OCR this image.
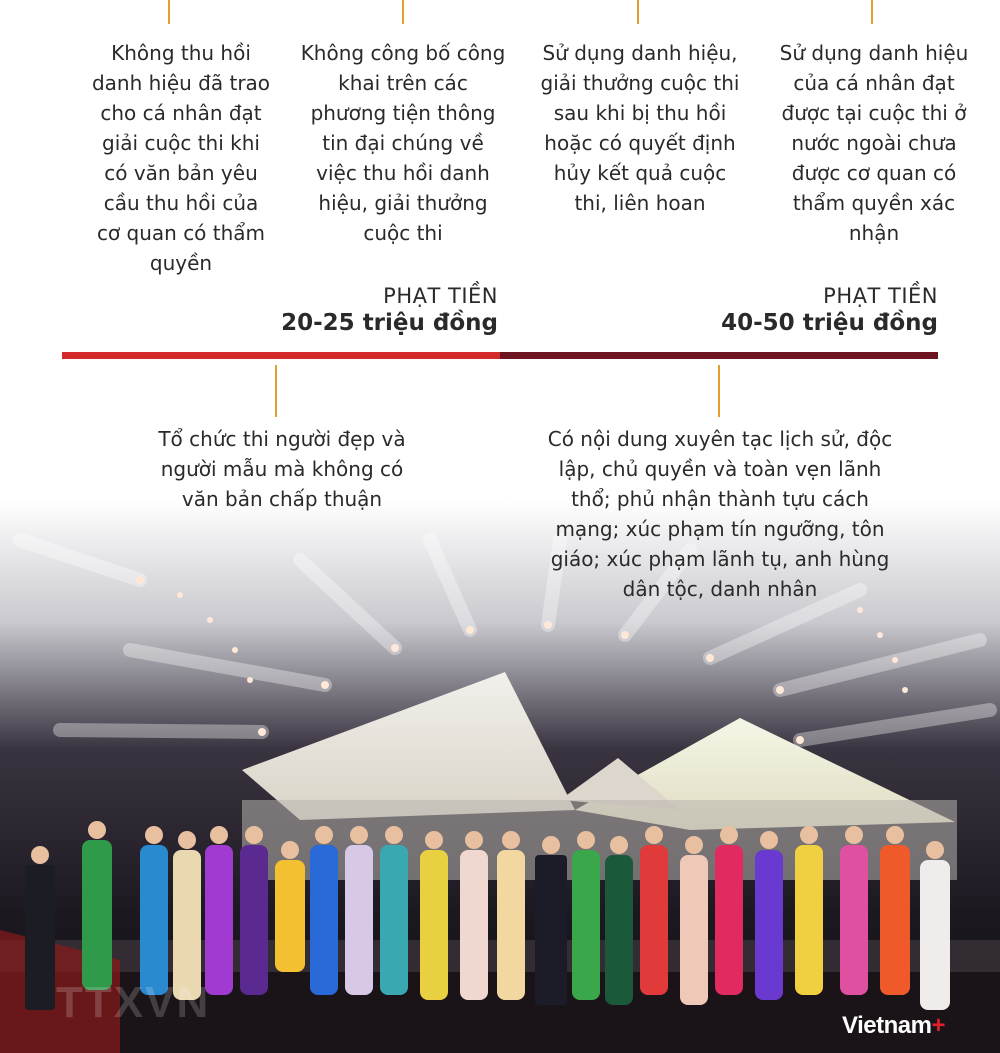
Không thu hồi danh hiệu đã trao cho cá nhân đạt giải cuộc thi khi có văn bản yêu cầu thu hồi của cơ quan có thẩm quyền
Không công bố công khai trên các phương tiện thông tin đại chúng về việc thu hồi danh hiệu, giải thưởng cuộc thi
Sử dụng danh hiệu, giải thưởng cuộc thi sau khi bị thu hồi hoặc có quyết định hủy kết quả cuộc thi, liên hoan
Sử dụng danh hiệu của cá nhân đạt được tại cuộc thi ở nước ngoài chưa được cơ quan có thẩm quyền xác nhận
PHẠT TIỀN
20-25 triệu đồng
PHẠT TIỀN
40-50 triệu đồng
Tổ chức thi người đẹp và người mẫu mà không có văn bản chấp thuận
Có nội dung xuyên tạc lịch sử, độc lập, chủ quyền và toàn vẹn lãnh thổ; phủ nhận thành tựu cách mạng; xúc phạm tín ngưỡng, tôn giáo; xúc phạm lãnh tụ, anh hùng dân tộc, danh nhân
TTXVN	Vietnam+
